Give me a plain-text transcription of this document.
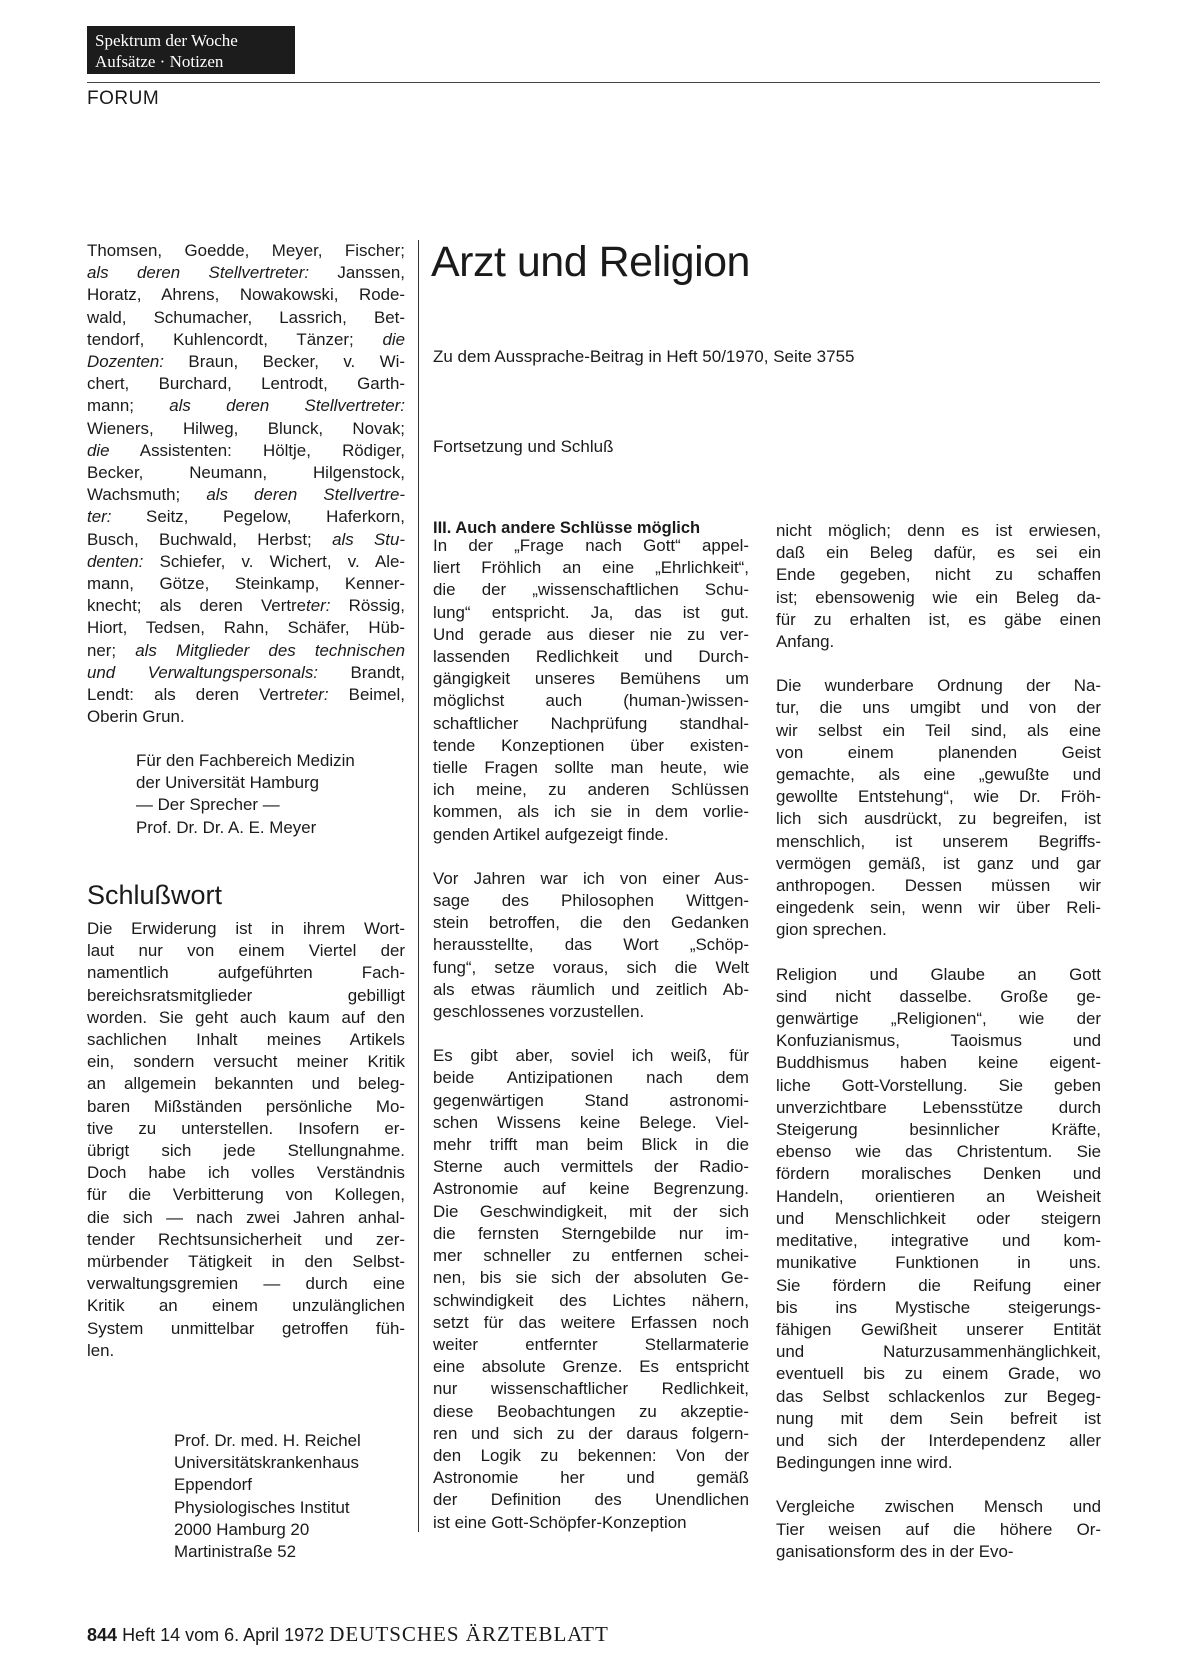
Spektrum der Woche
Aufsätze · Notizen
FORUM
Thomsen, Goedde, Meyer, Fischer;
als deren Stellvertreter: Janssen,
Horatz, Ahrens, Nowakowski, Rode-
wald, Schumacher, Lassrich, Bet-
tendorf, Kuhlencordt, Tänzer; die
Dozenten: Braun, Becker, v. Wi-
chert, Burchard, Lentrodt, Garth-
mann; als deren Stellvertreter:
Wieners, Hilweg, Blunck, Novak;
die Assistenten: Höltje, Rödiger,
Becker, Neumann, Hilgenstock,
Wachsmuth; als deren Stellvertre-
ter: Seitz, Pegelow, Haferkorn,
Busch, Buchwald, Herbst; als Stu-
denten: Schiefer, v. Wichert, v. Ale-
mann, Götze, Steinkamp, Kenner-
knecht; als deren Vertreter: Rössig,
Hiort, Tedsen, Rahn, Schäfer, Hüb-
ner; als Mitglieder des technischen
und Verwaltungspersonals: Brandt,
Lendt: als deren Vertreter: Beimel,
Oberin Grun.
Für den Fachbereich Medizin
der Universität Hamburg
— Der Sprecher —
Prof. Dr. Dr. A. E. Meyer
Schlußwort
Die Erwiderung ist in ihrem Wort-
laut nur von einem Viertel der
namentlich aufgeführten Fach-
bereichsratsmitglieder gebilligt
worden. Sie geht auch kaum auf den
sachlichen Inhalt meines Artikels
ein, sondern versucht meiner Kritik
an allgemein bekannten und beleg-
baren Mißständen persönliche Mo-
tive zu unterstellen. Insofern er-
übrigt sich jede Stellungnahme.
Doch habe ich volles Verständnis
für die Verbitterung von Kollegen,
die sich — nach zwei Jahren anhal-
tender Rechtsunsicherheit und zer-
mürbender Tätigkeit in den Selbst-
verwaltungsgremien — durch eine
Kritik an einem unzulänglichen
System unmittelbar getroffen füh-
len.
Prof. Dr. med. H. Reichel
Universitätskrankenhaus
Eppendorf
Physiologisches Institut
2000 Hamburg 20
Martinistraße 52
Arzt und Religion
Zu dem Aussprache-Beitrag in Heft 50/1970, Seite 3755
Fortsetzung und Schluß
III. Auch andere Schlüsse möglich

In der „Frage nach Gott“ appel-
liert Fröhlich an eine „Ehrlichkeit“,
die der „wissenschaftlichen Schu-
lung“ entspricht. Ja, das ist gut.
Und gerade aus dieser nie zu ver-
lassenden Redlichkeit und Durch-
gängigkeit unseres Bemühens um
möglichst auch (human-)wissen-
schaftlicher Nachprüfung standhal-
tende Konzeptionen über existen-
tielle Fragen sollte man heute, wie
ich meine, zu anderen Schlüssen
kommen, als ich sie in dem vorlie-
genden Artikel aufgezeigt finde.

Vor Jahren war ich von einer Aus-
sage des Philosophen Wittgen-
stein betroffen, die den Gedanken
herausstellte, das Wort „Schöp-
fung“, setze voraus, sich die Welt
als etwas räumlich und zeitlich Ab-
geschlossenes vorzustellen.

Es gibt aber, soviel ich weiß, für
beide Antizipationen nach dem
gegenwärtigen Stand astronomi-
schen Wissens keine Belege. Viel-
mehr trifft man beim Blick in die
Sterne auch vermittels der Radio-
Astronomie auf keine Begrenzung.
Die Geschwindigkeit, mit der sich
die fernsten Sterngebilde nur im-
mer schneller zu entfernen schei-
nen, bis sie sich der absoluten Ge-
schwindigkeit des Lichtes nähern,
setzt für das weitere Erfassen noch
weiter entfernter Stellarmaterie
eine absolute Grenze. Es entspricht
nur wissenschaftlicher Redlichkeit,
diese Beobachtungen zu akzeptie-
ren und sich zu der daraus folgern-
den Logik zu bekennen: Von der
Astronomie her und gemäß
der Definition des Unendlichen
ist eine Gott-Schöpfer-Konzeption

nicht möglich; denn es ist erwiesen,
daß ein Beleg dafür, es sei ein
Ende gegeben, nicht zu schaffen
ist; ebensowenig wie ein Beleg da-
für zu erhalten ist, es gäbe einen
Anfang.

Die wunderbare Ordnung der Na-
tur, die uns umgibt und von der
wir selbst ein Teil sind, als eine
von einem planenden Geist
gemachte, als eine „gewußte und
gewollte Entstehung“, wie Dr. Fröh-
lich sich ausdrückt, zu begreifen, ist
menschlich, ist unserem Begriffs-
vermögen gemäß, ist ganz und gar
anthropogen. Dessen müssen wir
eingedenk sein, wenn wir über Reli-
gion sprechen.

Religion und Glaube an Gott
sind nicht dasselbe. Große ge-
genwärtige „Religionen“, wie der
Konfuzianismus, Taoismus und
Buddhismus haben keine eigent-
liche Gott-Vorstellung. Sie geben
unverzichtbare Lebensstütze durch
Steigerung besinnlicher Kräfte,
ebenso wie das Christentum. Sie
fördern moralisches Denken und
Handeln, orientieren an Weisheit
und Menschlichkeit oder steigern
meditative, integrative und kom-
munikative Funktionen in uns.
Sie fördern die Reifung einer
bis ins Mystische steigerungs-
fähigen Gewißheit unserer Entität
und Naturzusammenhänglichkeit,
eventuell bis zu einem Grade, wo
das Selbst schlackenlos zur Begeg-
nung mit dem Sein befreit ist
und sich der Interdependenz aller
Bedingungen inne wird.

Vergleiche zwischen Mensch und
Tier weisen auf die höhere Or-
ganisationsform des in der Evo-

844 Heft 14 vom 6. April 1972 DEUTSCHES ÄRZTEBLATT
